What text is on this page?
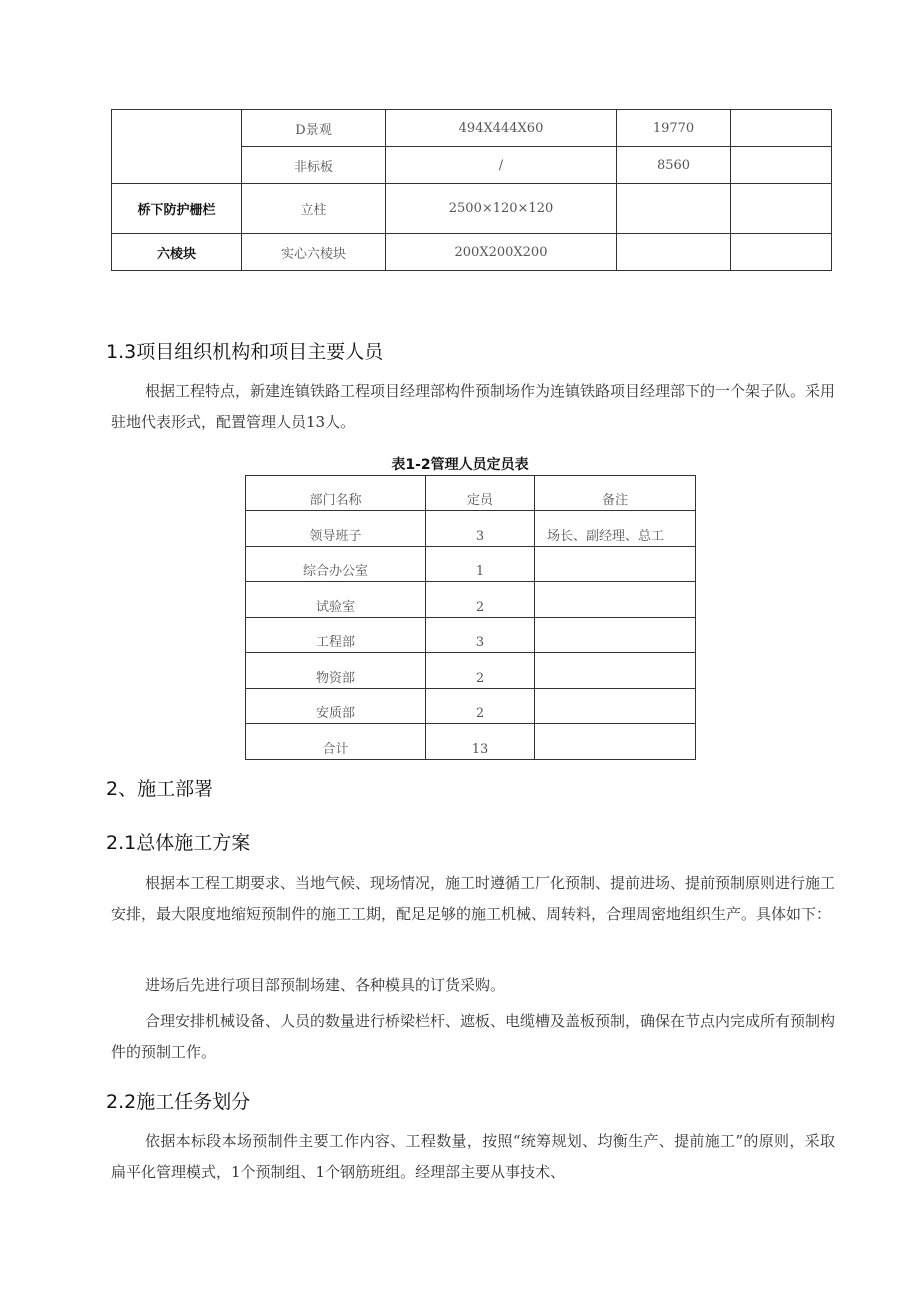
	D景观	494X444X60	19770	
	非标板	/	8560	
桥下防护栅栏	立柱	2500×120×120		
六棱块	实心六棱块	200X200X200		
1.3项目组织机构和项目主要人员

根据工程特点，新建连镇铁路工程项目经理部构件预制场作为连镇铁路项目经理部下的一个架子队。采用驻地代表形式，配置管理人员13人。

表1-2管理人员定员表
部门名称	定员	备注
领导班子	3	场长、副经理、总工
综合办公室	1	
试验室	2	
工程部	3	
物资部	2	
安质部	2	
合计	13	
2、施工部署
2.1总体施工方案

根据本工程工期要求、当地气候、现场情况，施工时遵循工厂化预制、提前进场、提前预制原则进行施工安排，最大限度地缩短预制件的施工工期，配足足够的施工机械、周转料，合理周密地组织生产。具体如下：

进场后先进行项目部预制场建、各种模具的订货采购。

合理安排机械设备、人员的数量进行桥梁栏杆、遮板、电缆槽及盖板预制，确保在节点内完成所有预制构件的预制工作。

2.2施工任务划分

依据本标段本场预制件主要工作内容、工程数量，按照“统筹规划、均衡生产、提前施工”的原则，采取扁平化管理模式，1个预制组、1个钢筋班组。经理部主要从事技术、
